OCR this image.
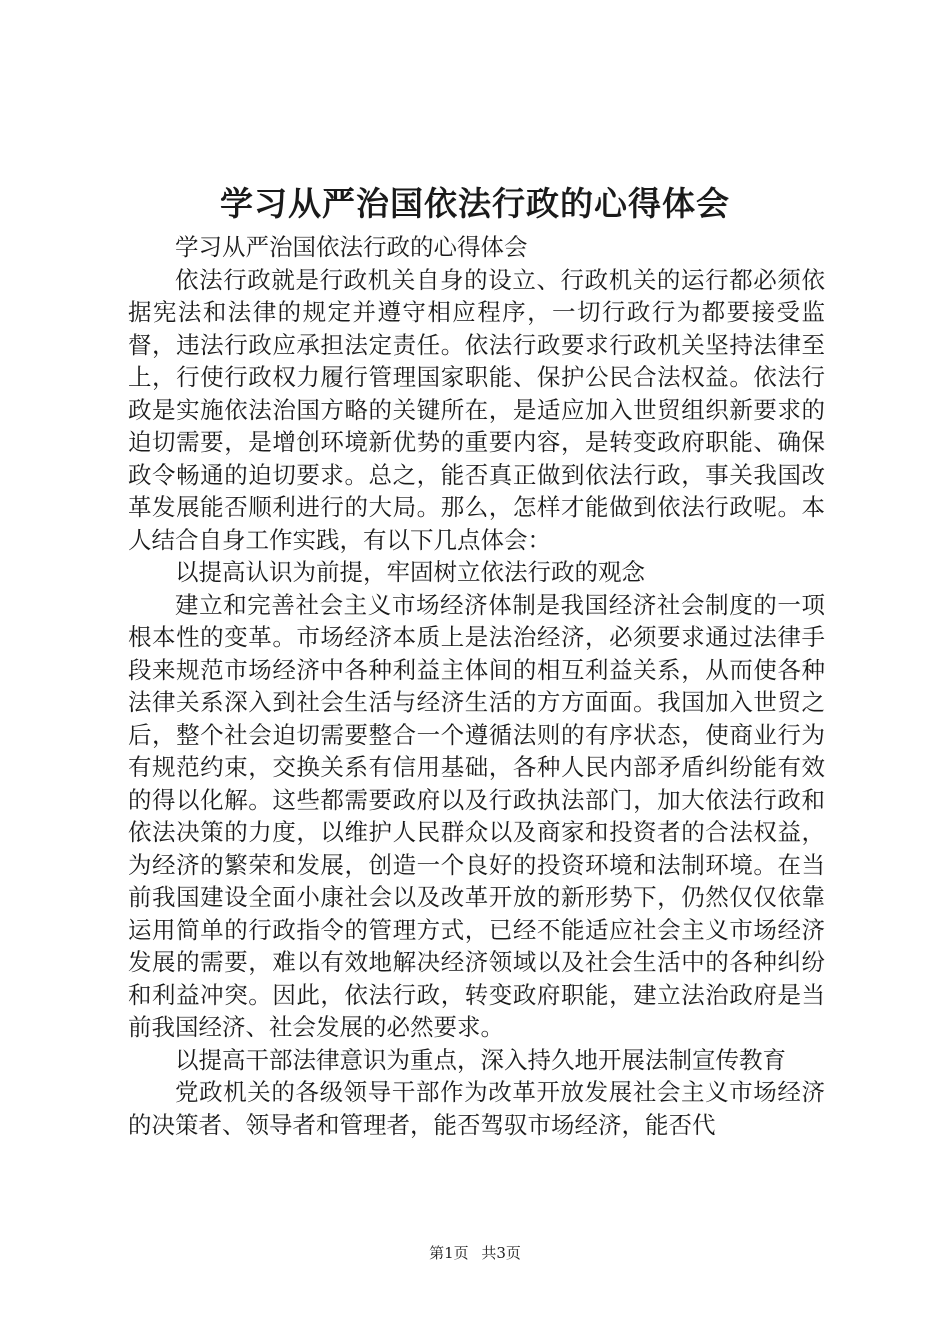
学习从严治国依法行政的心得体会

学习从严治国依法行政的心得体会

依法行政就是行政机关自身的设立、行政机关的运行都必须依据宪法和法律的规定并遵守相应程序，一切行政行为都要接受监督，违法行政应承担法定责任。依法行政要求行政机关坚持法律至上，行使行政权力履行管理国家职能、保护公民合法权益。依法行政是实施依法治国方略的关键所在，是适应加入世贸组织新要求的迫切需要，是增创环境新优势的重要内容，是转变政府职能、确保政令畅通的迫切要求。总之，能否真正做到依法行政，事关我国改革发展能否顺利进行的大局。那么，怎样才能做到依法行政呢。本人结合自身工作实践，有以下几点体会：

以提高认识为前提，牢固树立依法行政的观念

建立和完善社会主义市场经济体制是我国经济社会制度的一项根本性的变革。市场经济本质上是法治经济，必须要求通过法律手段来规范市场经济中各种利益主体间的相互利益关系，从而使各种法律关系深入到社会生活与经济生活的方方面面。我国加入世贸之后，整个社会迫切需要整合一个遵循法则的有序状态，使商业行为有规范约束，交换关系有信用基础，各种人民内部矛盾纠纷能有效的得以化解。这些都需要政府以及行政执法部门，加大依法行政和依法决策的力度，以维护人民群众以及商家和投资者的合法权益，为经济的繁荣和发展，创造一个良好的投资环境和法制环境。在当前我国建设全面小康社会以及改革开放的新形势下，仍然仅仅依靠运用简单的行政指令的管理方式，已经不能适应社会主义市场经济发展的需要，难以有效地解决经济领域以及社会生活中的各种纠纷和利益冲突。因此，依法行政，转变政府职能，建立法治政府是当前我国经济、社会发展的必然要求。

以提高干部法律意识为重点，深入持久地开展法制宣传教育

党政机关的各级领导干部作为改革开放发展社会主义市场经济的决策者、领导者和管理者，能否驾驭市场经济，能否代

第1页 共3页
